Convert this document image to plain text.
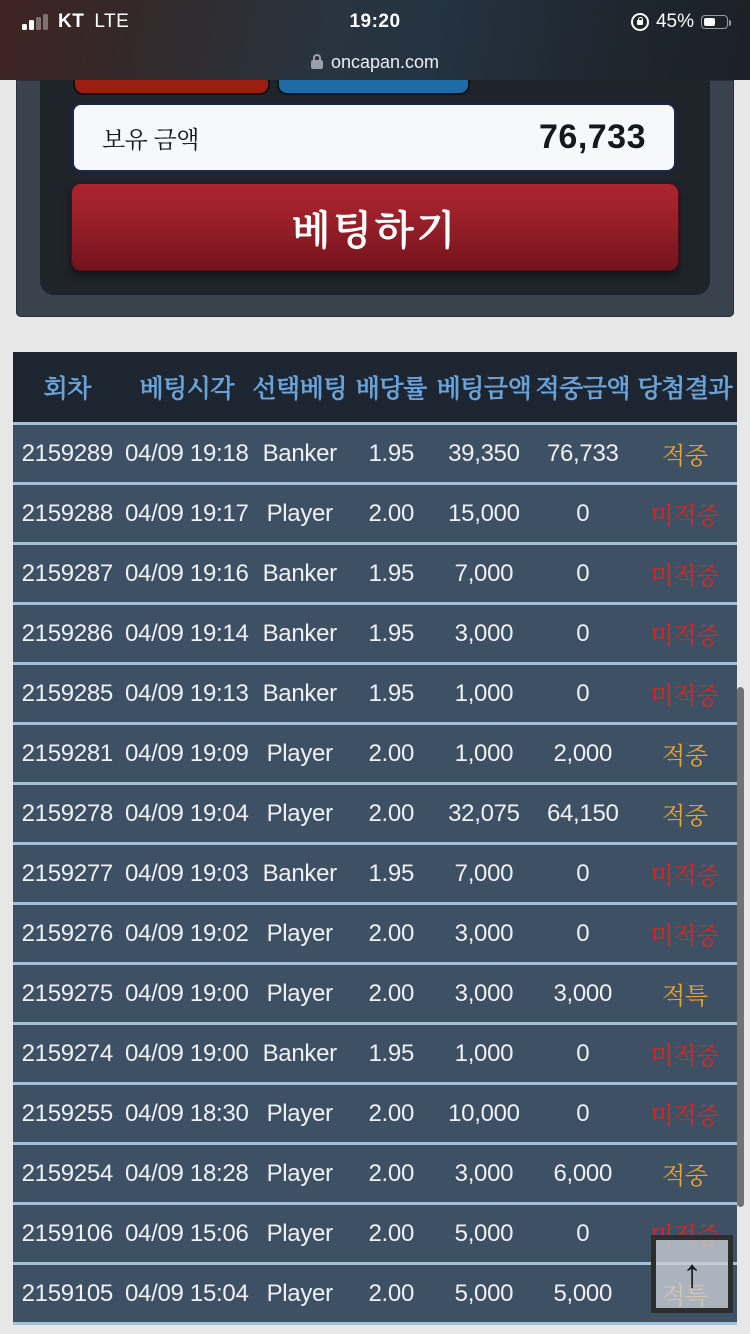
KT LTE	19:20	45%
oncapan.com
보유 금액	76,733
베팅하기
회차	베팅시각 선택베팅 배당률 베팅금액 적중금액 당첨결과
2159289 04/09 19:18 Banker	1.95	39,350	76,733	적중
2159288 04/09 19:17 Player	2.00	15,000	0	미적중
2159287 04/09 19:16 Banker	1.95	7,000	0	미적중
2159286 04/09 19:14 Banker	1.95	3,000	0	미적중
2159285 04/09 19:13 Banker	1.95	1,000	0	미적중
2159281 04/09 19:09 Player	2.00	1,000	2,000	적중
2159278 04/09 19:04 Player	2.00	32,075	64,150	적중
2159277 04/09 19:03 Banker	1.95	7,000	0	미적중
2159276 04/09 19:02 Player	2.00	3,000	0	미적중
2159275 04/09 19:00 Player	2.00	3,000	3,000	적특
2159274 04/09 19:00 Banker	1.95	1,000	0	미적중
2159255 04/09 18:30 Player	2.00	10,000	0	미적중
2159254 04/09 18:28 Player	2.00	3,000	6,000	적중
2159106 04/09 15:06 Player	2.00	5,000	0
2159105 04/09 15:04 Player	2.00	5,000	5,000	↑
